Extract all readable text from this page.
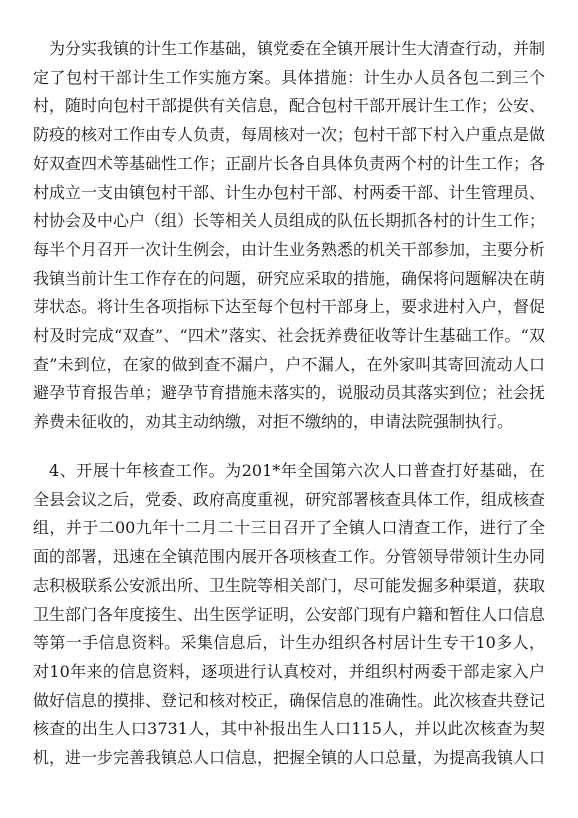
为分实我镇的计生工作基础，镇党委在全镇开展计生大清查行动，并制定了包村干部计生工作实施方案。具体措施：计生办人员各包二到三个村，随时向包村干部提供有关信息，配合包村干部开展计生工作；公安、防疫的核对工作由专人负责，每周核对一次；包村干部下村入户重点是做好双查四术等基础性工作；正副片长各自具体负责两个村的计生工作；各村成立一支由镇包村干部、计生办包村干部、村两委干部、计生管理员、村协会及中心户（组）长等相关人员组成的队伍长期抓各村的计生工作；每半个月召开一次计生例会，由计生业务熟悉的机关干部参加，主要分析我镇当前计生工作存在的问题，研究应采取的措施，确保将问题解决在萌芽状态。将计生各项指标下达至每个包村干部身上，要求进村入户，督促村及时完成“双查”、“四术”落实、社会抚养费征收等计生基础工作。“双查”未到位，在家的做到查不漏户，户不漏人，在外家叫其寄回流动人口避孕节育报告单；避孕节育措施未落实的，说服动员其落实到位；社会抚养费未征收的，劝其主动纳缴，对拒不缴纳的，申请法院强制执行。

4、开展十年核查工作。为201*年全国第六次人口普查打好基础，在全县会议之后，党委、政府高度重视，研究部署核查具体工作，组成核查组，并于二00九年十二月二十三日召开了全镇人口清查工作，进行了全面的部署，迅速在全镇范围内展开各项核查工作。分管领导带领计生办同志积极联系公安派出所、卫生院等相关部门，尽可能发掘多种渠道，获取卫生部门各年度接生、出生医学证明，公安部门现有户籍和暂住人口信息等第一手信息资料。采集信息后，计生办组织各村居计生专干10多人，对10年来的信息资料，逐项进行认真校对，并组织村两委干部走家入户做好信息的摸排、登记和核对校正，确保信息的准确性。此次核查共登记核查的出生人口3731人，其中补报出生人口115人，并以此次核查为契机，进一步完善我镇总人口信息，把握全镇的人口总量，为提高我镇人口
